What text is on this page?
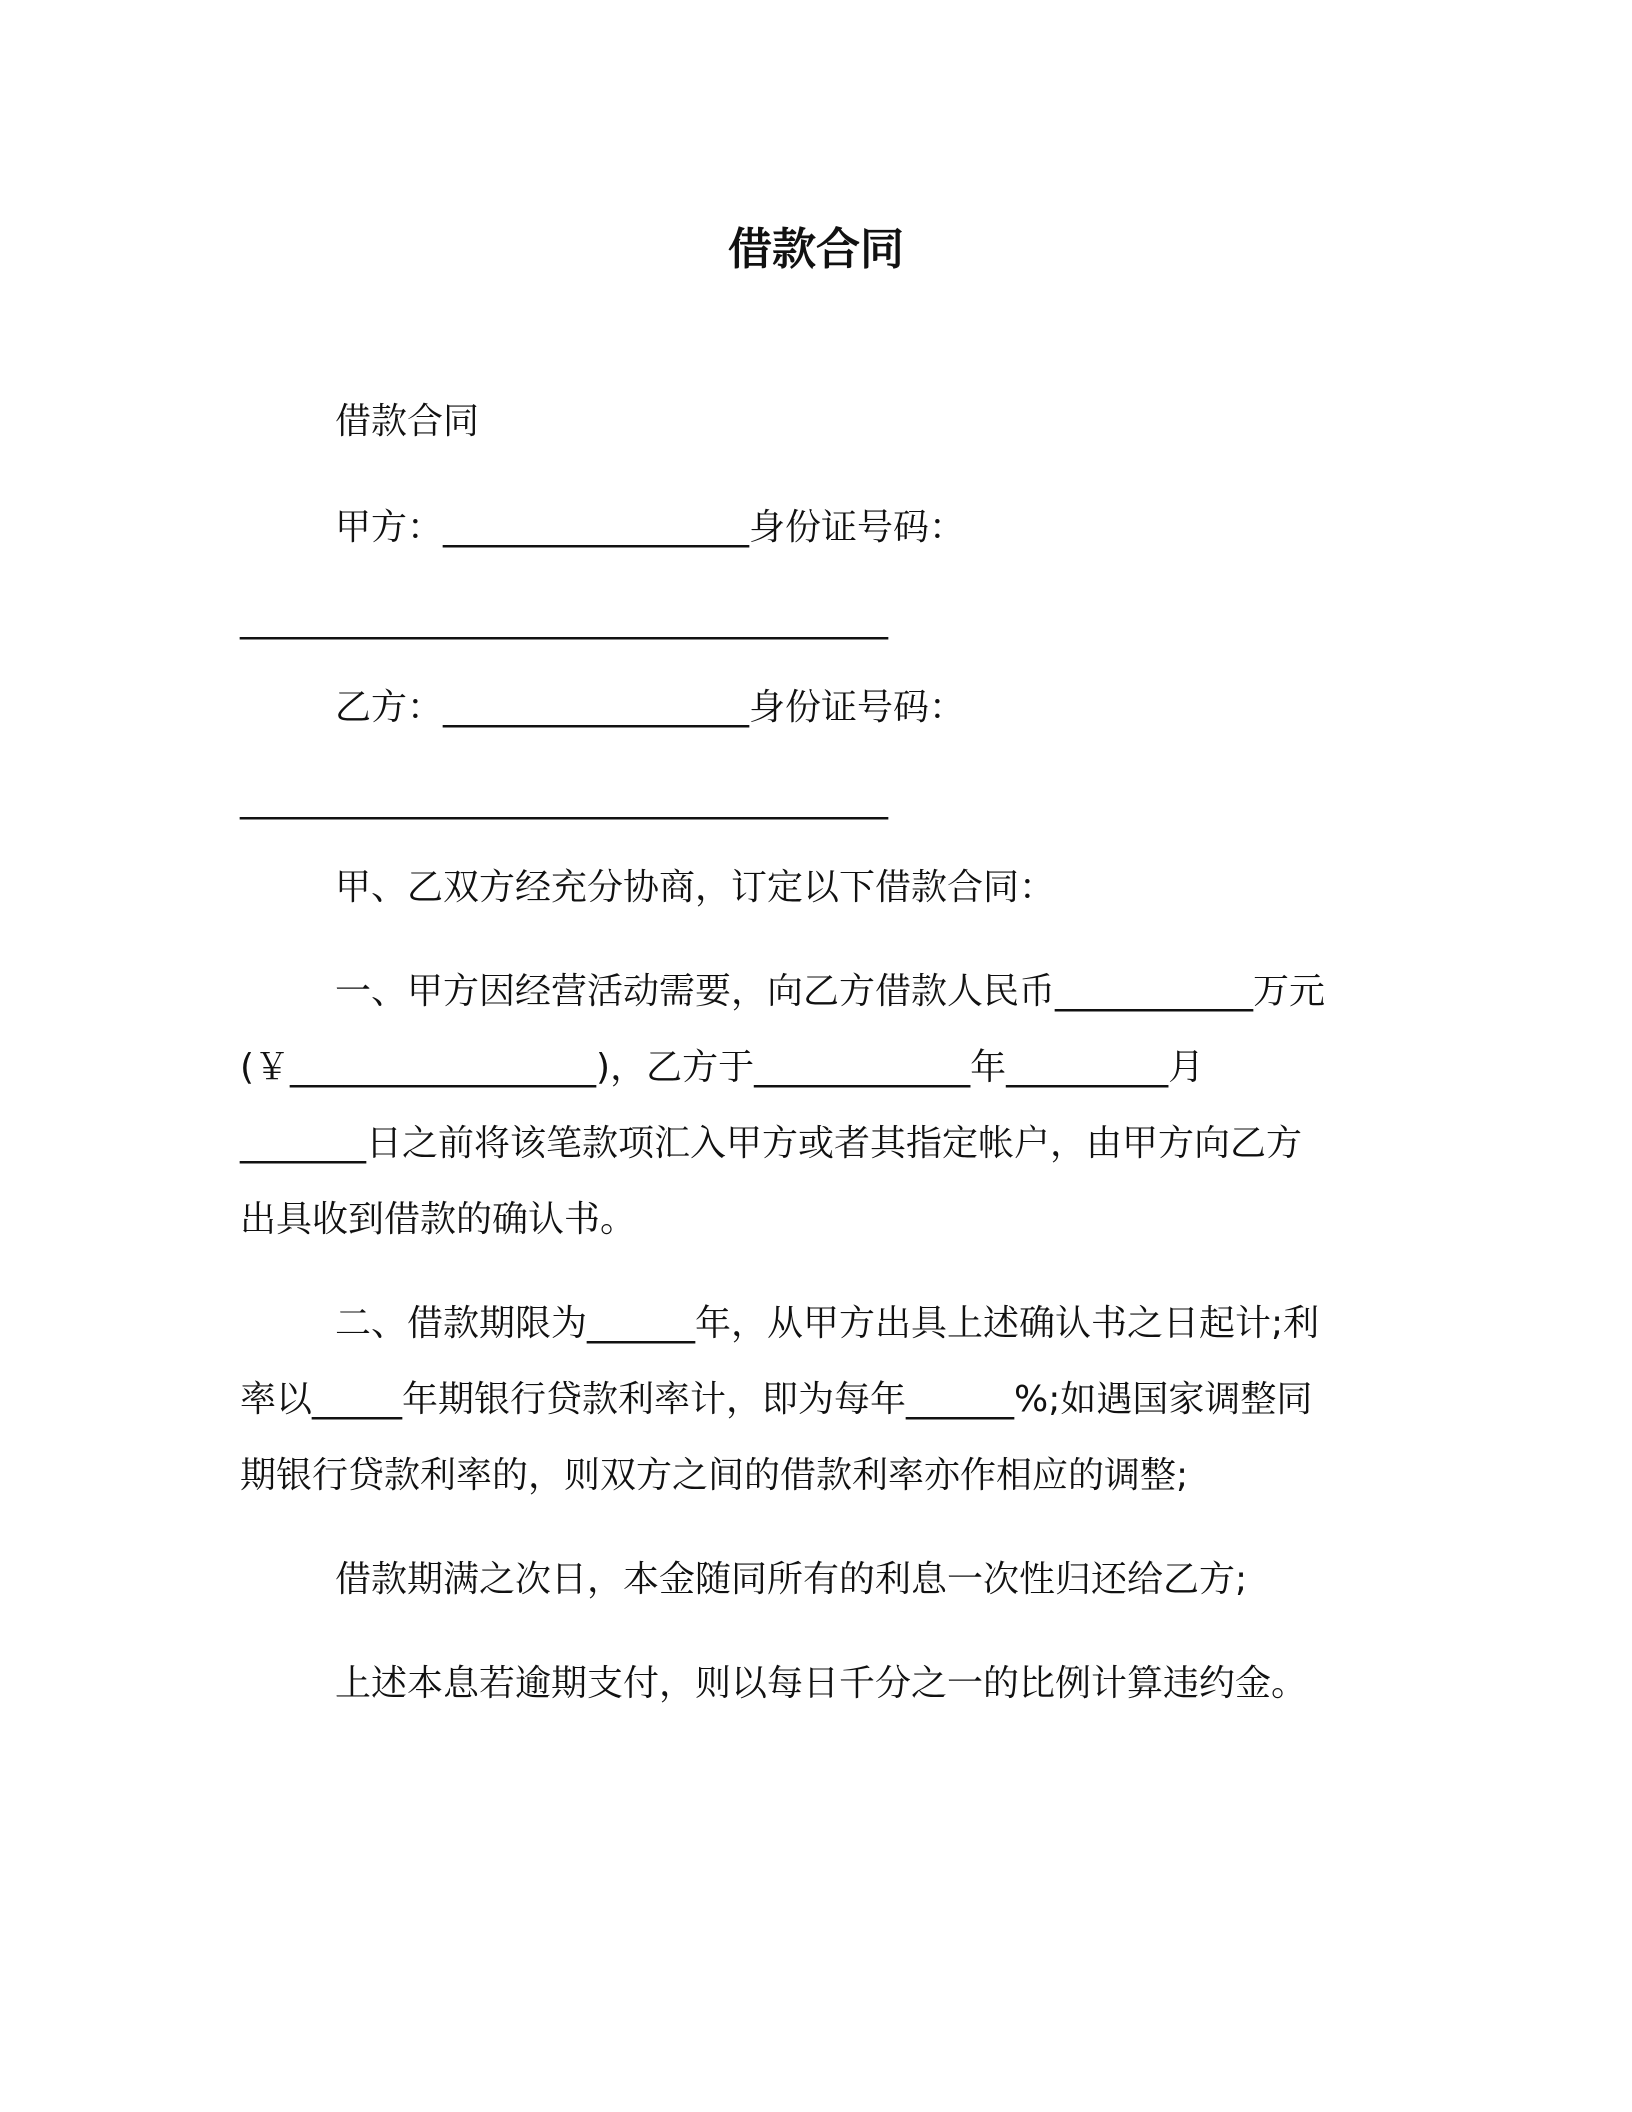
借款合同
借款合同
甲方：_________________身份证号码：
____________________________________
乙方：_________________身份证号码：
____________________________________
甲、乙双方经充分协商，订定以下借款合同：
一、甲方因经营活动需要，向乙方借款人民币___________万元
(￥_________________)，乙方于____________年_________月
_______日之前将该笔款项汇入甲方或者其指定帐户，由甲方向乙方
出具收到借款的确认书。
二、借款期限为______年，从甲方出具上述确认书之日起计;利
率以_____年期银行贷款利率计，即为每年______%;如遇国家调整同
期银行贷款利率的，则双方之间的借款利率亦作相应的调整;
借款期满之次日，本金随同所有的利息一次性归还给乙方;
上述本息若逾期支付，则以每日千分之一的比例计算违约金。
